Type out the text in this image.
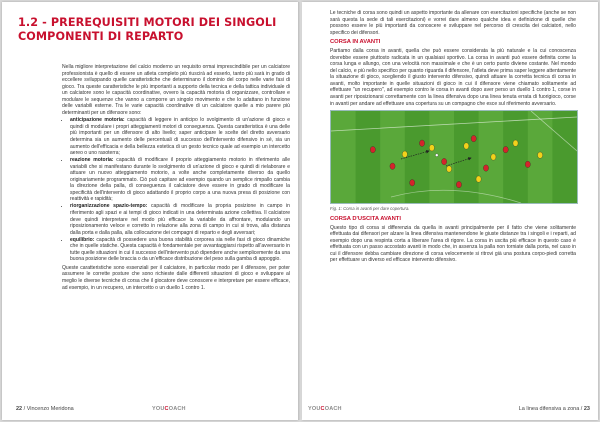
1.2 - PREREQUISITI MOTORI DEI SINGOLI COMPONENTI DI REPARTO

Nella migliore interpretazione del calcio moderno un requisito ormai imprescindibile per un calciatore professionista è quello di essere un atleta completo più riuscirà ad esserlo, tanto più sarà in grado di eccellere sviluppando quelle caratteristiche che determinano il dominio del corpo nelle varie fasi di gioco. Tra queste caratteristiche le più importanti a supporto della tecnica e della tattica individuale di un calciatore sono le capacità coordinative, ovvero la capacità motoria di organizzare, controllare e modulare le sequenze che vanno a comporre un singolo movimento e che lo adattano in funzione delle variabili esterne. Tra le varie capacità coordinative di un calciatore quelle a mio parere più determinanti per un difensore sono:

• anticipazione motoria: capacità di leggere in anticipo lo svolgimento di un'azione di gioco e quindi di modulare i propri atteggiamenti motori di conseguenza. Questa caratteristica è una delle più importanti per un difensore di alto livello; saper anticipare le scelte del diretto avversario determina sia un aumento delle percentuali di successo dell'intervento difensivo in sé, sia un aumento dell'efficacia e della bellezza estetica di un gesto tecnico quale ad esempio un intercetto aereo o uno rasoterra;
• reazione motoria: capacità di modificare il proprio atteggiamento motorio in riferimento alle variabili che si manifestano durante lo svolgimento di un'azione di gioco e quindi di rielaborare e attuare un nuovo atteggiamento motorio, a volte anche completamente diverso da quello originariamente programmato. Ciò può capitare ad esempio quando un semplice rimpallo cambia la direzione della palla, di conseguenza il calciatore deve essere in grado di modificare la specificità dell'intervento di gioco adattando il proprio corpo a una nuova presa di posizione con reattività e rapidità;
• riorganizzazione spazio-tempo: capacità di modificare la propria posizione in campo in riferimento agli spazi e ai tempi di gioco indicati in una determinata azione collettiva. Il calciatore deve quindi interpretare nel modo più efficace la variabile da affrontare, modulando un riposizionamento veloce e corretto in relazione alla zona di campo in cui si trova, alla distanza dalla porta e dalla palla, alla collocazione dei compagni di reparto e degli avversari;
• equilibrio: capacità di possedere una buona stabilità corporea sia nelle fasi di gioco dinamiche che in quelle statiche. Questa capacità è fondamentale per avvantaggiarsi rispetto all'avversario in tutte quelle situazioni in cui il successo dell'intervento può dipendere anche semplicemente da una buona posizione delle braccia o da un'efficace distribuzione del peso sulla gamba di appoggio.

Queste caratteristiche sono essenziali per il calciatore, in particolar modo per il difensore, per poter assumere le corrette posture che sono richieste dalle differenti situazioni di gioco e sviluppare al meglio le diverse tecniche di corsa che il giocatore deve conoscere e interpretare per essere efficace, ad esempio, in un recupero, un intercetto o un duello 1 contro 1.

22 / Vincenzo Meridona	YOUCOACH

Le tecniche di corsa sono quindi un aspetto importante da allenare con esercitazioni specifiche (anche se non sarà questa la sede di tali esercitazioni) e vorrei dare almeno qualche idea e definizione di quelle che possono essere le più importanti da conoscere e sviluppare nel percorso di crescita dei calciatori, nello specifico dei difensori.

CORSA IN AVANTI

Partiamo dalla corsa in avanti, quella che può essere considerata la più naturale e la cui conoscenza dovrebbe essere piuttosto radicata in un qualsiasi sportivo. La corsa in avanti può essere definita come la corsa lunga e allungo, con una velocità non massimale e che è un certo punto diviene costante. Nel mondo del calcio, e più nello specifico per quanto riguarda il difensore, l'atleta deve prima saper leggere attentamente la situazione di gioco, scegliendo il giusto intervento difensivo, quindi attuare la corretta tecnica di corsa in avanti, molto importante in quelle situazioni di gioco in cui il difensore viene chiamato solitamente ad effettuare "un recupero", ad esempio contro le corsa in avanti dopo aver perso un duello 1 contro 1, corse in avanti per riposizionarsi correttamente con la linea difensiva dopo una linea tenuta errata di fuorigioco, corse in avanti per andare ad effettuare una copertura su un compagno che esce sul riferimento avversario.

Fig. 1: Corsa in avanti per dare copertura.
CORSA D'USCITA AVANTI

Questo tipo di corsa si differenzia da quella in avanti principalmente per il fatto che viene solitamente effettuata dai difensori per alzare la linea difensiva mantenendone le giuste distanze tra i singoli e i reparti, ad esempio dopo una respinta corta a liberare l'area di rigore. La corsa in uscita più efficace in questo caso è effettuata con un passo accostato avanti in modo che, in assenza la palla non torniate dalla porta, nel caso in cui il difensore debba cambiare direzione di corsa velocemente si ritrovi già una postura corpo-piedi corretta per effettuare un diverso ed efficace intervento difensivo.

YOUCOACH	La linea difensiva a zona / 23
